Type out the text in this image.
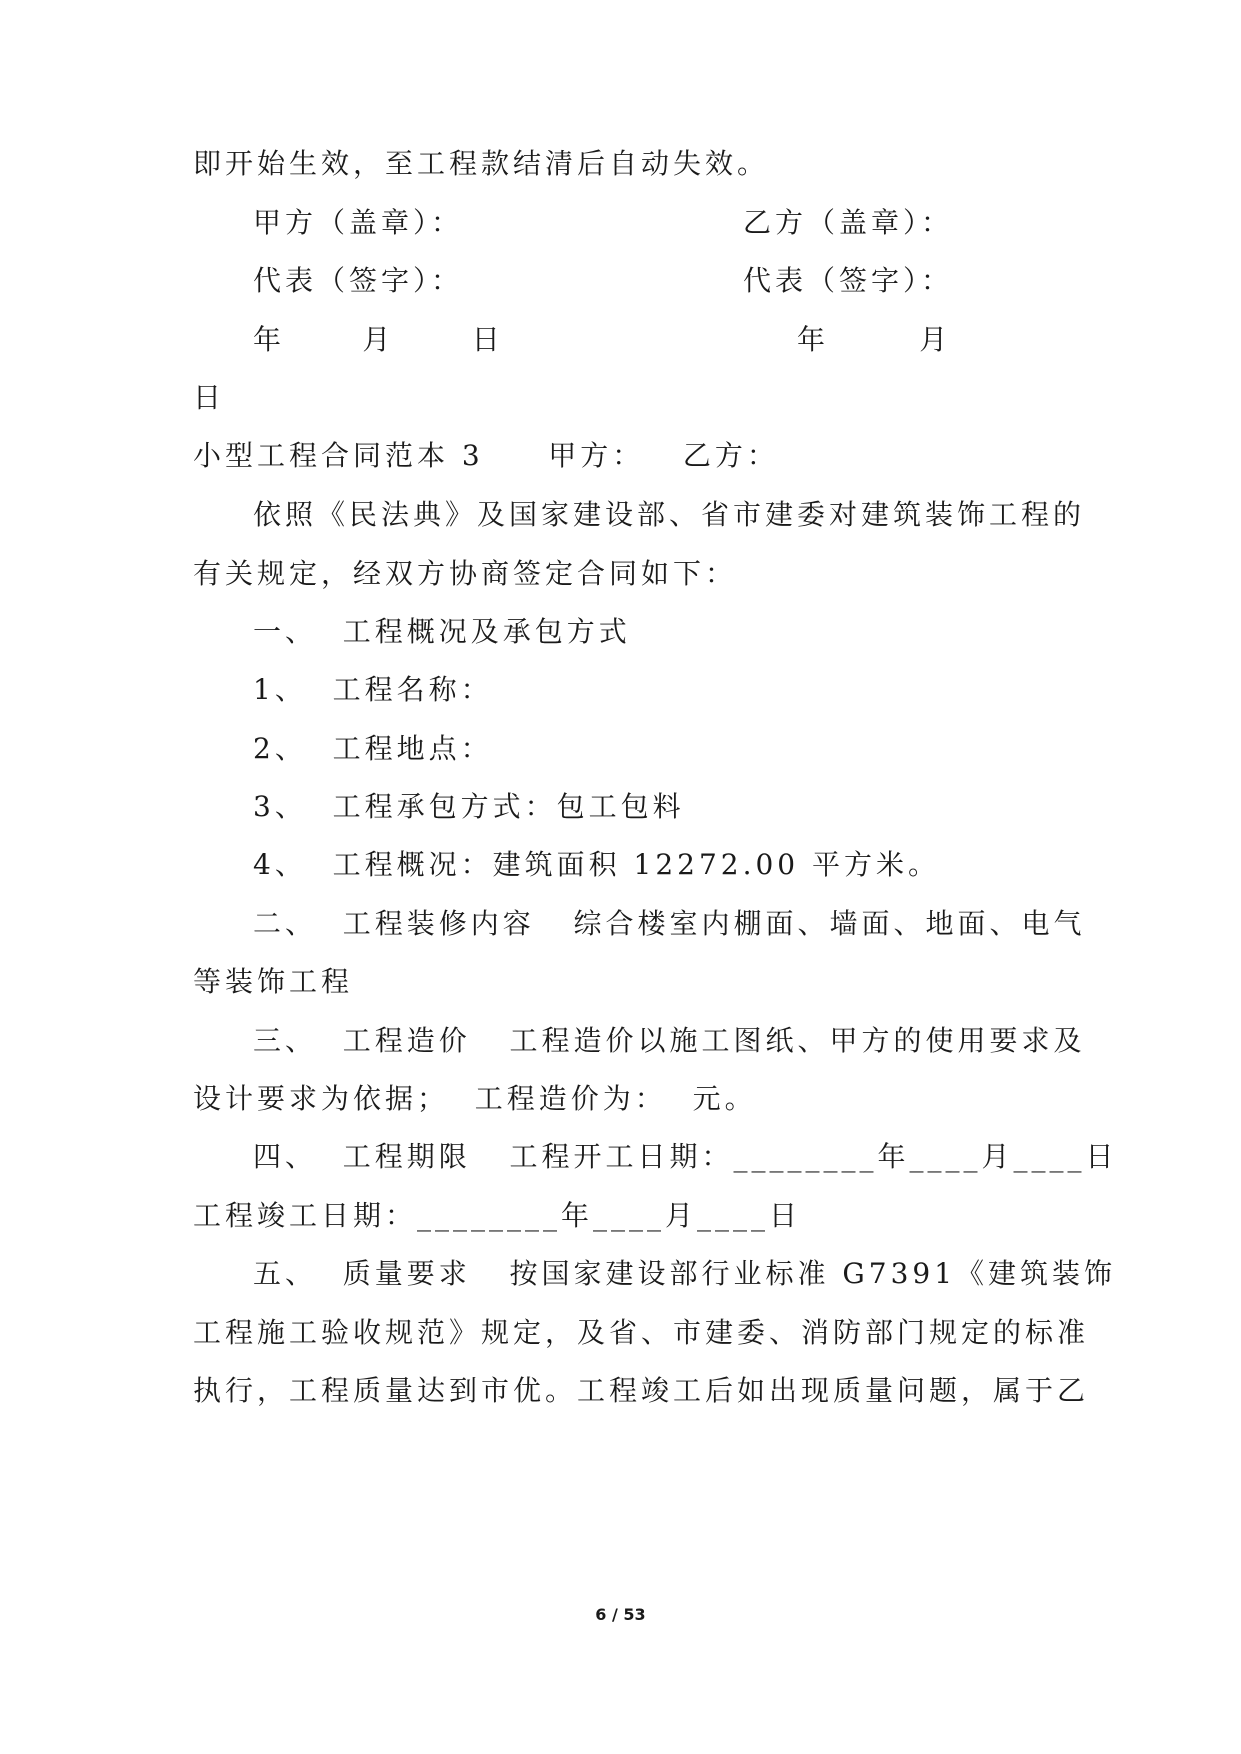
即开始生效，至工程款结清后自动失效。
甲方（盖章）：	乙方（盖章）：
代表（签字）：	代表（签字）：
年      月      日	年       月
日
小型工程合同范本 3     甲方：   乙方：
依照《民法典》及国家建设部、省市建委对建筑装饰工程的
有关规定，经双方协商签定合同如下：
一、  工程概况及承包方式
1、  工程名称：
2、  工程地点：
3、  工程承包方式：包工包料
4、  工程概况：建筑面积 12272.00 平方米。
二、  工程装修内容   综合楼室内棚面、墙面、地面、电气
等装饰工程
三、  工程造价   工程造价以施工图纸、甲方的使用要求及
设计要求为依据；  工程造价为：  元。
四、  工程期限   工程开工日期：________年____月____日
工程竣工日期：________年____月____日
五、  质量要求   按国家建设部行业标准 G7391《建筑装饰
工程施工验收规范》规定，及省、市建委、消防部门规定的标准
执行，工程质量达到市优。工程竣工后如出现质量问题，属于乙
6 / 53
